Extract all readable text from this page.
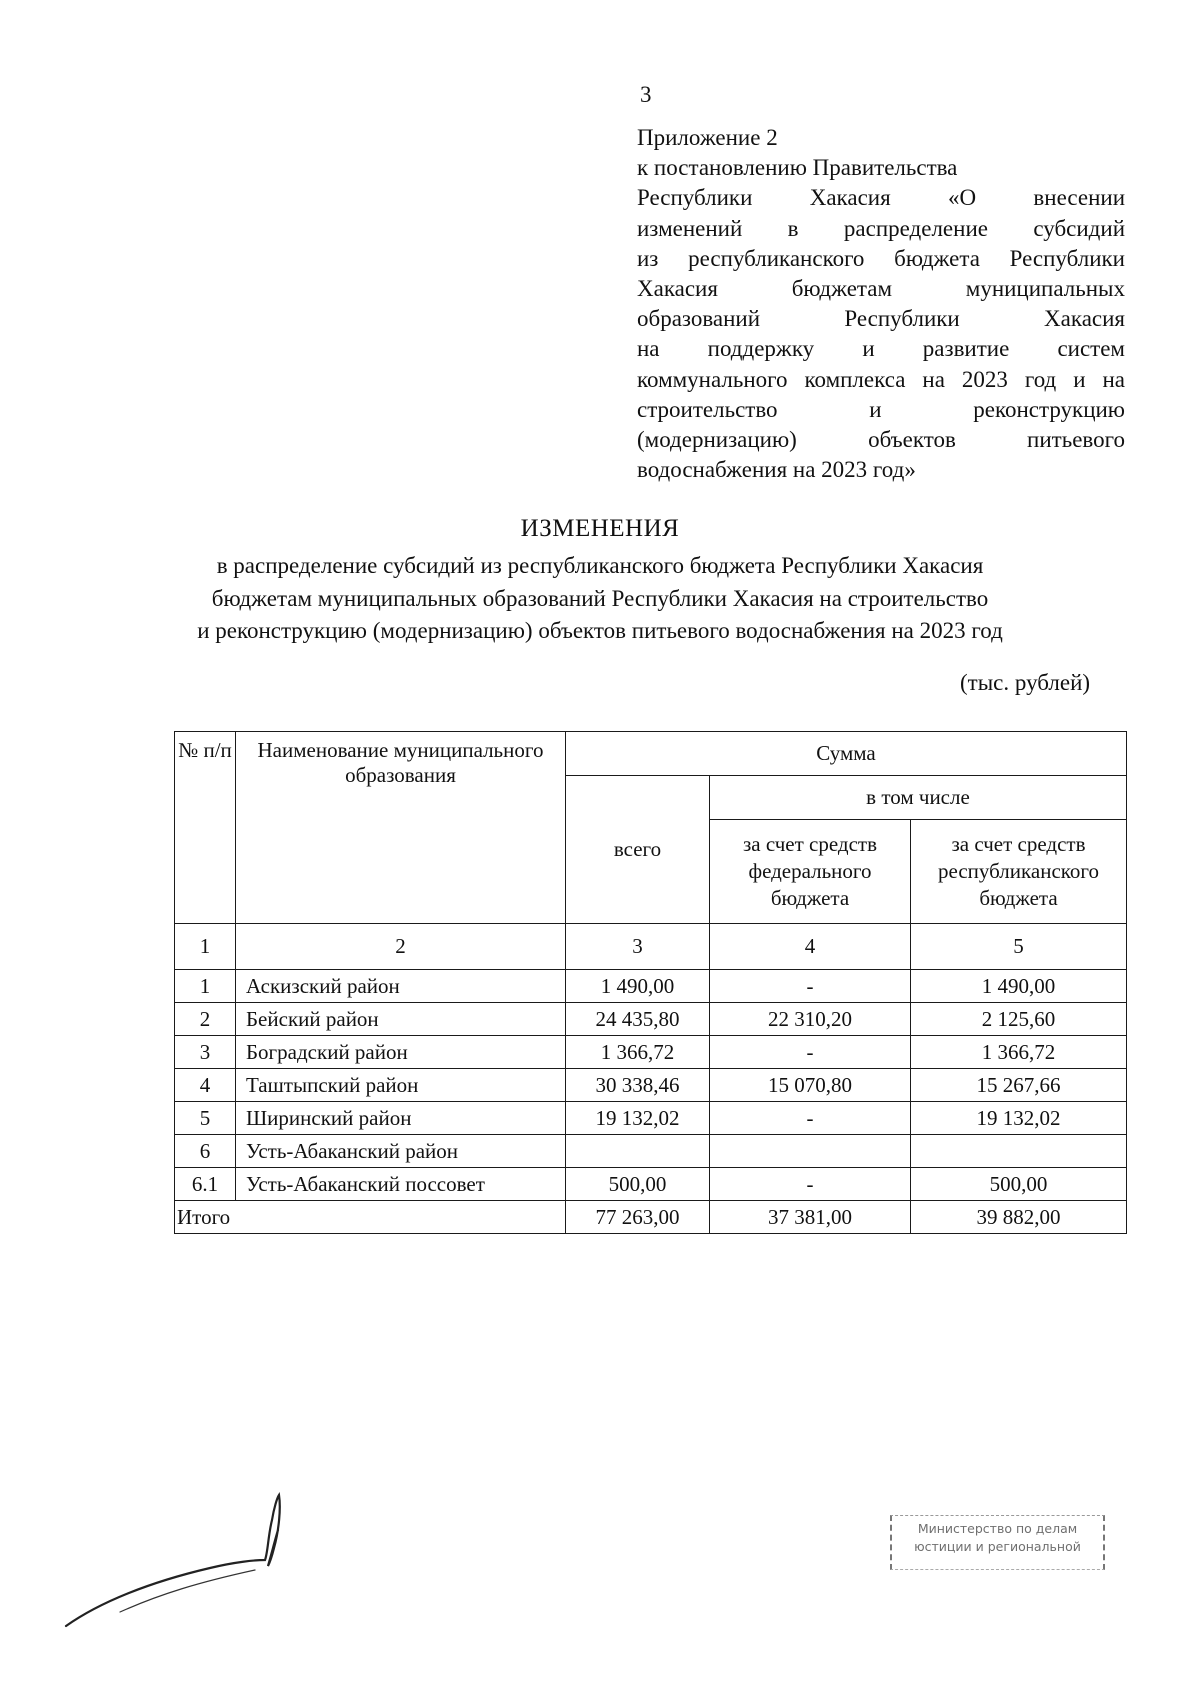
3
Приложение 2
к постановлению Правительства
Республики Хакасия «О внесении
изменений в распределение субсидий
из республиканского бюджета Республики
Хакасия бюджетам муниципальных
образований Республики Хакасия
на поддержку и развитие систем
коммунального комплекса на 2023 год и на
строительство и реконструкцию
(модернизацию) объектов питьевого
водоснабжения на 2023 год»
ИЗМЕНЕНИЯ
в распределение субсидий из республиканского бюджета Республики Хакасия
бюджетам муниципальных образований Республики Хакасия на строительство
и реконструкцию (модернизацию) объектов питьевого водоснабжения на 2023 год
(тыс. рублей)
№ п/п	Наименование муниципального образования	Сумма		
		всего	в том числе	
			за счет средств федерального бюджета	за счет средств республиканского бюджета
1	2	3	4	5
1	Аскизский район	1 490,00	-	1 490,00
2	Бейский район	24 435,80	22 310,20	2 125,60
3	Боградский район	1 366,72	-	1 366,72
4	Таштыпский район	30 338,46	15 070,80	15 267,66
5	Ширинский район	19 132,02	-	19 132,02
6	Усть-Абаканский район			
6.1	Усть-Абаканский поссовет	500,00	-	500,00
Итого		77 263,00	37 381,00	39 882,00
Министерство по делам
юстиции и региональной
